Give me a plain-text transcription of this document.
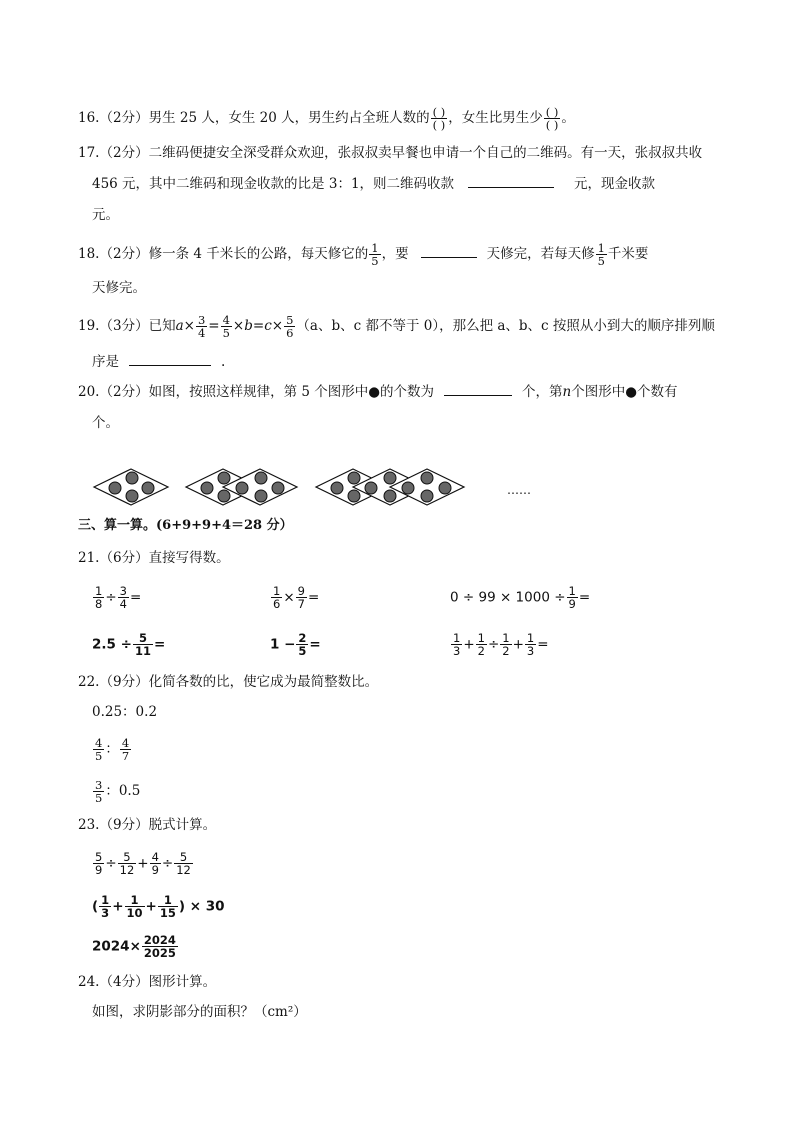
16.（2分）男生 25 人，女生 20 人，男生约占全班人数的 ( )
( ) ，女生比男生少 ( )
( ) 。
17.（2分）二维码便捷安全深受群众欢迎，张叔叔卖早餐也申请一个自己的二维码。有一天，张叔叔共收
456 元，其中二维码和现金收款的比是 3：1，则二维码收款	元，现金收款
元。
18.（2分）修一条 4 千米长的公路，每天修它的 $\frac{1}{5}$ ，要	天修完，若每天修 $\frac{1}{5}$ 千米要
天修完。
19.（3分）已知$a\times \frac{3}{4} = \frac{4}{5} \times b=c\times \frac{5}{6} (a$、b、c 都不等于 0），那么把 a、b、c 按照从小到大的顺序排列顺
序是	.
20.（2分）如图，按照这样规律，第 5 个图形中●的个数为	个，第n个图形中●个数有
个。
……
三、算一算。(6+9+9+4＝28 分）
21.（6分）直接写得数。
$\frac{1}{8} \div \frac{3}{4}$ =	$\frac{1}{6} \times \frac{9}{7}$ =	$0 \div 99 \times 1000 \div \frac{1}{9}$ =
$2.5 \div \frac{5}{11}$ =	$1 - \frac{2}{5}$ =	$\frac{1}{3} + \frac{1}{2} \div \frac{1}{2} + \frac{1}{3}$ =
22.（9分）化简各数的比，使它成为最简整数比。
0.25：0.2
$\frac{4}{5}$ ： $\frac{4}{7}$
$\frac{3}{5}$ ：0.5
23.（9分）脱式计算。
$\frac{5}{9} \div \frac{5}{12} + \frac{4}{9} \div \frac{5}{12}$
( $\frac{1}{3} + \frac{1}{10} + \frac{1}{15}$ ) × 30
$2024\times \frac{2024}{2025}$
24.（4分）图形计算。
如图，求阴影部分的面积？（cm²）
